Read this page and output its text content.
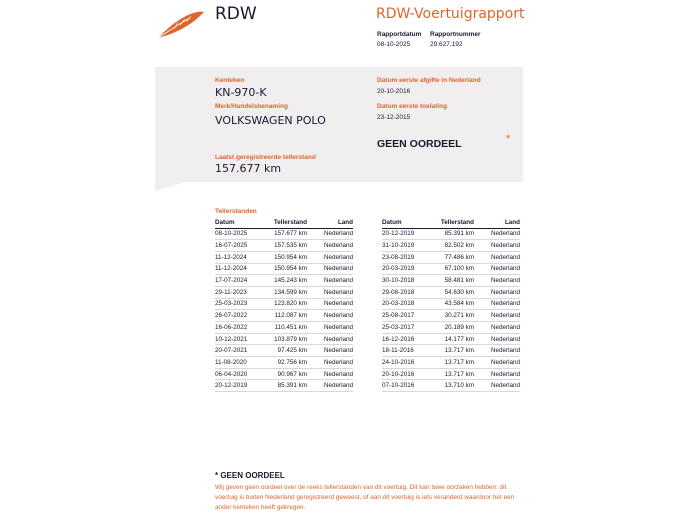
RDW	RDW-Voertuigrapport
Rapportdatum
08-10-2025
Rapportnummer
29.627.192
Kenteken
KN-970-K
Merk/Handelsbenaming
VOLKSWAGEN POLO
Laatst geregistreerde tellerstand
157.677 km
Datum eerste afgifte in Nederland
20-10-2016
Datum eerste toelating
23-12-2015
GEEN OORDEEL	*
Tellerstanden
Datum	Tellerstand	Land
08-10-2025	157.677 km	Nederland
16-07-2025	157.535 km	Nederland
11-12-2024	150.954 km	Nederland
11-12-2024	150.954 km	Nederland
17-07-2024	145.243 km	Nederland
29-11-2023	134.599 km	Nederland
25-03-2023	123.820 km	Nederland
26-07-2022	112.087 km	Nederland
16-06-2022	110.451 km	Nederland
10-12-2021	103.879 km	Nederland
20-07-2021	97.425 km	Nederland
11-08-2020	92.756 km	Nederland
06-04-2020	90.967 km	Nederland
20-12-2019	85.391 km	Nederland
Datum	Tellerstand	Land
20-12-2019	85.391 km	Nederland
31-10-2019	82.502 km	Nederland
23-08-2019	77.486 km	Nederland
20-03-2019	67.100 km	Nederland
30-10-2018	58.481 km	Nederland
29-08-2018	54.630 km	Nederland
20-03-2018	43.584 km	Nederland
25-08-2017	30.271 km	Nederland
25-03-2017	20.189 km	Nederland
16-12-2016	14.177 km	Nederland
18-11-2016	13.717 km	Nederland
24-10-2016	13.717 km	Nederland
20-10-2016	13.717 km	Nederland
07-10-2016	13.710 km	Nederland
* GEEN OORDEEL
Wij geven geen oordeel over de reeks tellerstanden van dit voertuig. Dit kan twee oorzaken hebben: dit voertuig is buiten Nederland geregistreerd geweest, of aan dit voertuig is iets veranderd waardoor het een ander kenteken heeft gekregen.
